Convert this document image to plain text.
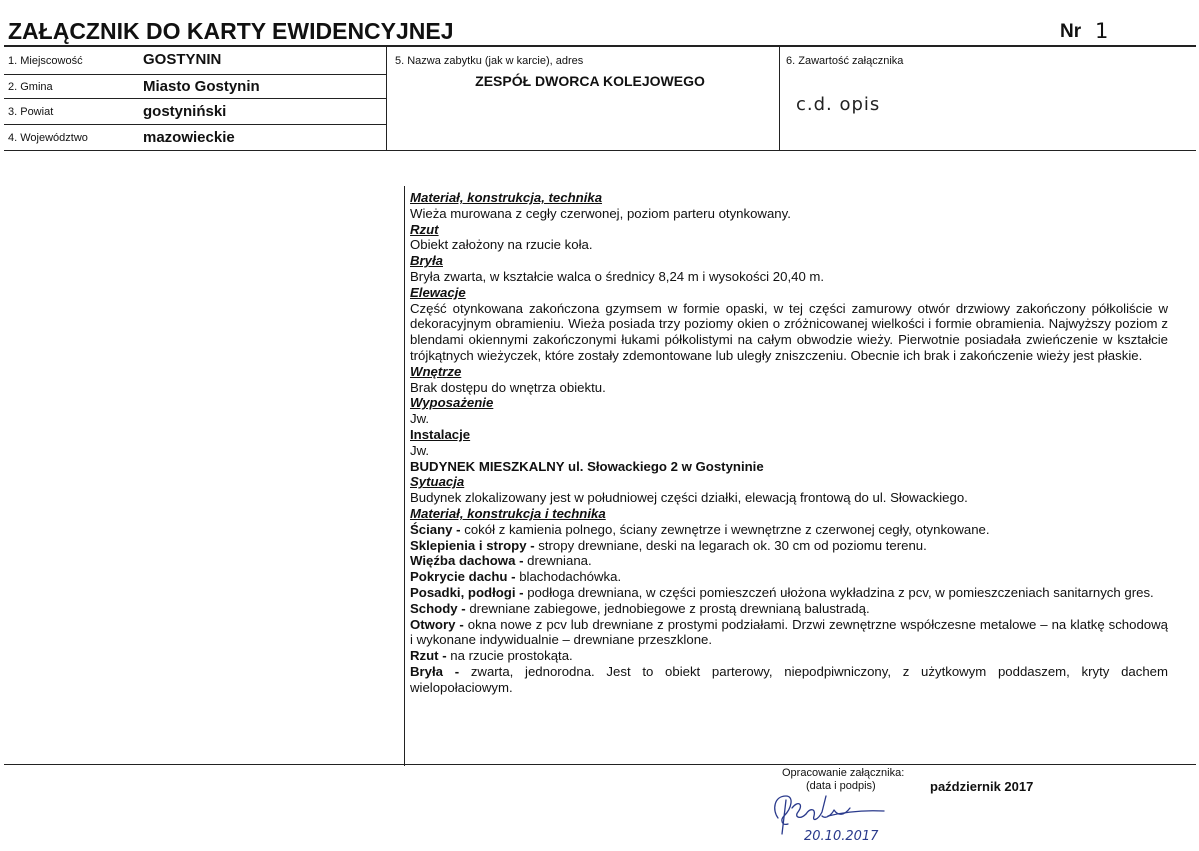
ZAŁĄCZNIK DO KARTY EWIDENCYJNEJ	Nr 1
1. Miejscowość	GOSTYNIN
2. Gmina	Miasto Gostynin
3. Powiat	gostyniński
4. Województwo	mazowieckie
5. Nazwa zabytku (jak w karcie), adres
ZESPÓŁ DWORCA KOLEJOWEGO
6. Zawartość załącznika
c.d. opis
Materiał, konstrukcja, technika
Wieża murowana z cegły czerwonej, poziom parteru otynkowany.
Rzut
Obiekt założony na rzucie koła.
Bryła
Bryła zwarta, w kształcie walca o średnicy 8,24 m i wysokości 20,40 m.
Elewacje
Część otynkowana zakończona gzymsem w formie opaski, w tej części zamurowy otwór drzwiowy zakończony półkoliście w dekoracyjnym obramieniu. Wieża posiada trzy poziomy okien o zróżnicowanej wielkości i formie obramienia. Najwyższy poziom z blendami okiennymi zakończonymi łukami półkolistymi na całym obwodzie wieży. Pierwotnie posiadała zwieńczenie w kształcie trójkątnych wieżyczek, które zostały zdemontowane lub uległy zniszczeniu. Obecnie ich brak i zakończenie wieży jest płaskie.
Wnętrze
Brak dostępu do wnętrza obiektu.
Wyposażenie
Jw.
Instalacje
Jw.
BUDYNEK MIESZKALNY ul. Słowackiego 2 w Gostyninie
Sytuacja
Budynek zlokalizowany jest w południowej części działki, elewacją frontową do ul. Słowackiego.
Materiał, konstrukcja i technika
Ściany - cokół z kamienia polnego, ściany zewnętrze i wewnętrzne z czerwonej cegły, otynkowane.
Sklepienia i stropy - stropy drewniane, deski na legarach ok. 30 cm od poziomu terenu.
Więźba dachowa - drewniana.
Pokrycie dachu - blachodachówka.
Posadki, podłogi - podłoga drewniana, w części pomieszczeń ułożona wykładzina z pcv, w pomieszczeniach sanitarnych gres.
Schody - drewniane zabiegowe, jednobiegowe z prostą drewnianą balustradą.
Otwory - okna nowe z pcv lub drewniane z prostymi podziałami. Drzwi zewnętrzne współczesne metalowe – na klatkę schodową i wykonane indywidualnie – drewniane przeszklone.
Rzut - na rzucie prostokąta.
Bryła - zwarta, jednorodna. Jest to obiekt parterowy, niepodpiwniczony, z użytkowym poddaszem, kryty dachem wielopołaciowym.
Opracowanie załącznika:
(data i podpis)	październik 2017
20.10.2017
